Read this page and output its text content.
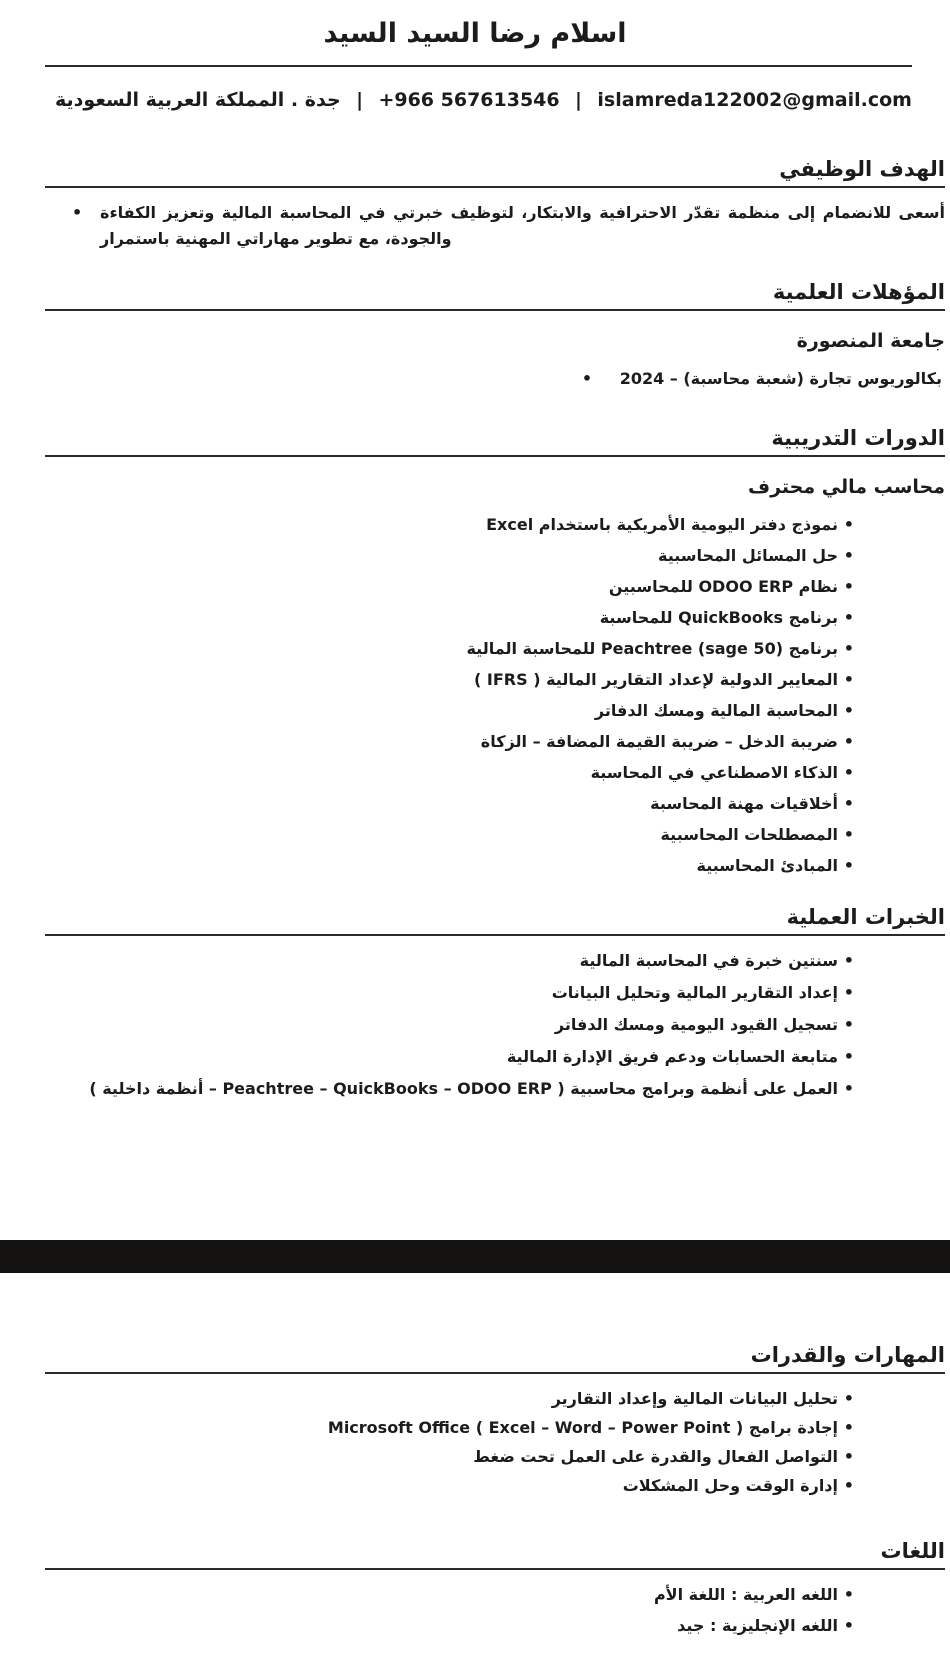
اسلام رضا السيد السيد
جدة . المملكة العربية السعودية | +966 567613546 | islamreda122002@gmail.com
الهدف الوظيفي
• أسعى للانضمام إلى منظمة تقدّر الاحترافية والابتكار، لتوظيف خبرتي في المحاسبة المالية وتعزيز الكفاءة والجودة، مع تطوير مهاراتي المهنية باستمرار
المؤهلات العلمية
جامعة المنصورة
• بكالوريوس تجارة (شعبة محاسبة) – 2024
الدورات التدريبية
محاسب مالي محترف
• نموذج دفتر اليومية الأمريكية باستخدام Excel
• حل المسائل المحاسبية
• نظام ODOO ERP للمحاسبين
• برنامج QuickBooks للمحاسبة
• برنامج Peachtree (sage 50) للمحاسبة المالية
• المعايير الدولية لإعداد التقارير المالية ( IFRS )
• المحاسبة المالية ومسك الدفاتر
• ضريبة الدخل – ضريبة القيمة المضافة – الزكاة
• الذكاء الاصطناعي في المحاسبة
• أخلاقيات مهنة المحاسبة
• المصطلحات المحاسبية
• المبادئ المحاسبية
الخبرات العملية
• سنتين خبرة في المحاسبة المالية
• إعداد التقارير المالية وتحليل البيانات
• تسجيل القيود اليومية ومسك الدفاتر
• متابعة الحسابات ودعم فريق الإدارة المالية
• العمل على أنظمة وبرامج محاسبية ( Peachtree – QuickBooks – ODOO ERP – أنظمة داخلية )
المهارات والقدرات
• تحليل البيانات المالية وإعداد التقارير
• إجادة برامج Microsoft Office ( Excel – Word – Power Point )
• التواصل الفعال والقدرة على العمل تحت ضغط
• إدارة الوقت وحل المشكلات
اللغات
• اللغه العربية : اللغة الأم
• اللغه الإنجليزية : جيد
